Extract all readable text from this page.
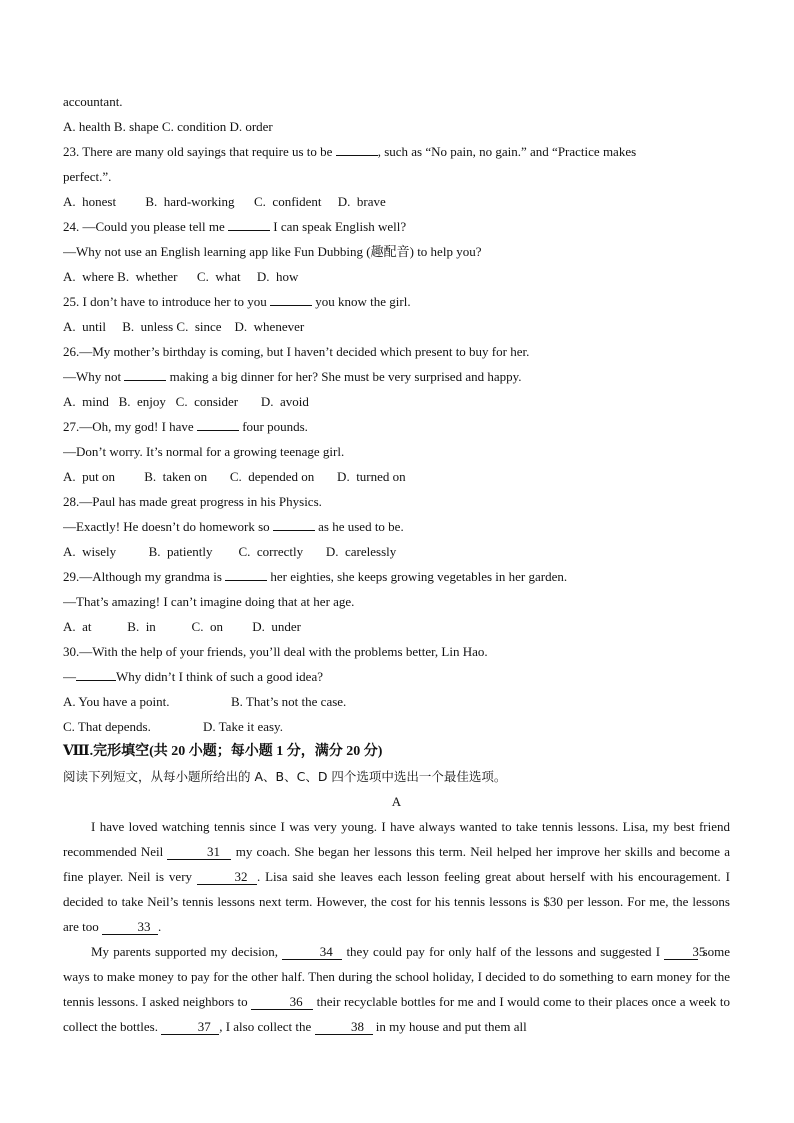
accountant.
A. health B. shape C. condition D. order
23. There are many old sayings that require us to be	, such as “No pain, no gain.” and “Practice makes
perfect.”.
A.  honest         B.  hard-working      C.  confident     D.  brave
24. —Could you please tell me	I can speak English well?
—Why not use an English learning app like Fun Dubbing (趣配音) to help you?
A.  where B.  whether      C.  what     D.  how
25. I don’t have to introduce her to you	you know the girl.
A.  until     B.  unless C.  since    D.  whenever
26.—My mother’s birthday is coming, but I haven’t decided which present to buy for her.
—Why not	making a big dinner for her? She must be very surprised and happy.
A.  mind   B.  enjoy   C.  consider       D.  avoid
27.—Oh, my god! I have	four pounds.
—Don’t worry. It’s normal for a growing teenage girl.
A.  put on         B.  taken on       C.  depended on       D.  turned on
28.—Paul has made great progress in his Physics.
—Exactly! He doesn’t do homework so	as he used to be.
A.  wisely          B.  patiently        C.  correctly       D.  carelessly
29.—Although my grandma is	her eighties, she keeps growing vegetables in her garden.
—That’s amazing! I can’t imagine doing that at her age.
A.  at           B.  in           C.  on         D.  under
30.—With the help of your friends, you’ll deal with the problems better, Lin Hao.
—	Why didn’t I think of such a good idea?
A. You have a point.	B. That’s not the case.
C. That depends.	D. Take it easy.
Ⅷ.完形填空(共 20 小题；每小题 1 分，满分 20 分)
阅读下列短文，从每小题所给出的 A、B、C、D 四个选项中选出一个最佳选项。
A
I have loved watching tennis since I was very young. I have always wanted to take tennis lessons. Lisa, my best friend recommended Neil	31 my coach. She began her lessons this term. Neil helped her improve her skills and become a fine player. Neil is very	32 . Lisa said she leaves each lesson feeling great about herself with his encouragement. I decided to take Neil’s tennis lessons next term. However, the cost for his tennis lessons is $30 per lesson. For me, the lessons are too	33 .
My parents supported my decision,	34 they could pay for only half of the lessons and suggested I 35 some ways to make money to pay for the other half. Then during the school holiday, I decided to do something to earn money for the tennis lessons. I asked neighbors to	36 their recyclable bottles for me and I would come to their places once a week to collect the bottles.	37 , I also collect the	38 in my house and put them all
